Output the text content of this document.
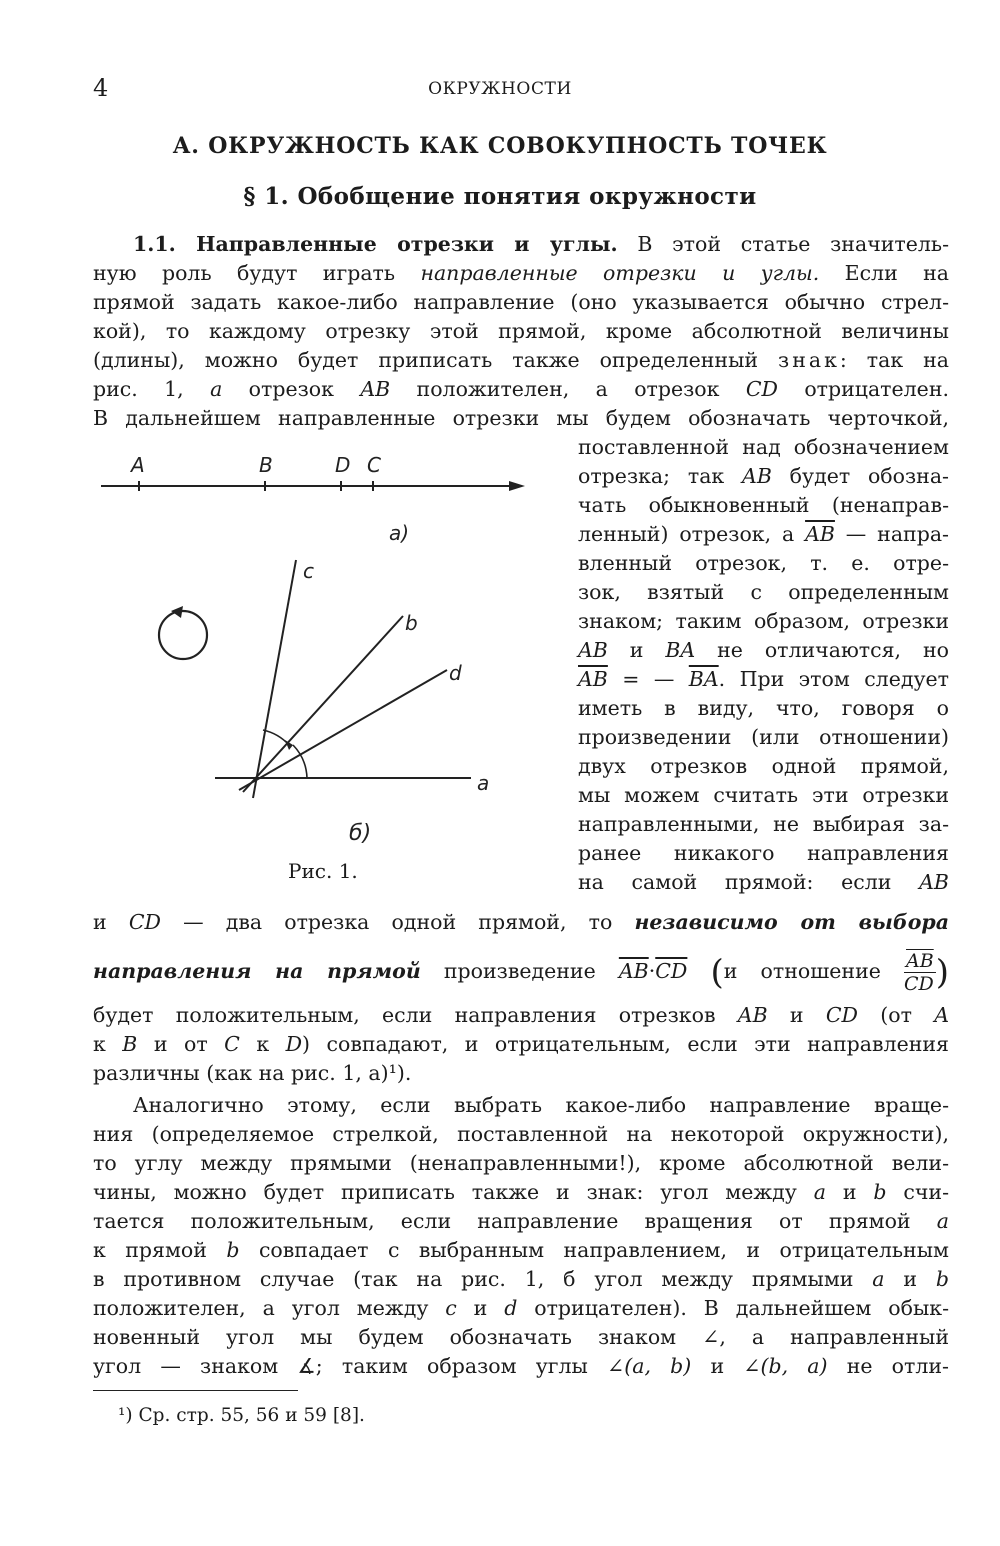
4	ОКРУЖНОСТИ
А. ОКРУЖНОСТЬ КАК СОВОКУПНОСТЬ ТОЧЕК
§ 1. Обобщение понятия окружности
1.1. Направленные отрезки и углы. В этой статье значитель-
ную роль будут играть направленные отрезки и углы. Если на
прямой задать какое-либо направление (оно указывается обычно стрел-
кой), то каждому отрезку этой прямой, кроме абсолютной величины
(длины), можно будет приписать также определенный знак: так на
рис. 1, а отрезок AB положителен, а отрезок CD отрицателен.
В дальнейшем направленные отрезки мы будем обозначать черточкой,
поставленной над обозначением
отрезка; так AB будет обозна-
чать обыкновенный (ненаправ-
ленный) отрезок, а $\overline{AB}$ — напра-
вленный отрезок, т. е. отре-
зок, взятый с определенным
знаком; таким образом, отрезки
AB и BA не отличаются, но
$\overline{AB}$ = — $\overline{BA}$. При этом следует
иметь в виду, что, говоря о
произведении (или отношении)
двух отрезков одной прямой,
мы можем считать эти отрезки
направленными, не выбирая за-
ранее никакого направления
на самой прямой: если AB
A	B	D C
a)
c
b
d
a
б)
Рис. 1.
и CD — два отрезка одной прямой, то независимо от выбора
направления на прямой произведение $\overline{AB}\cdot\overline{CD}$ (и отношение $\frac{\overline{AB}}{CD}$ )
будет положительным, если направления отрезков AB и CD (от A
к B и от C к D) совпадают, и отрицательным, если эти направления
различны (как на рис. 1, а)¹).
Аналогично этому, если выбрать какое-либо направление враще-
ния (определяемое стрелкой, поставленной на некоторой окружности),
то углу между прямыми (ненаправленными!), кроме абсолютной вели-
чины, можно будет приписать также и знак: угол между a и b счи-
тается положительным, если направление вращения от прямой a
к прямой b совпадает с выбранным направлением, и отрицательным
в противном случае (так на рис. 1, б угол между прямыми a и b
положителен, а угол между c и d отрицателен). В дальнейшем обык-
новенный угол мы будем обозначать знаком ∠, а направленный
угол — знаком ∡; таким образом углы ∠(a, b) и ∠(b, a) не отли-
¹) Ср. стр. 55, 56 и 59 [8].
